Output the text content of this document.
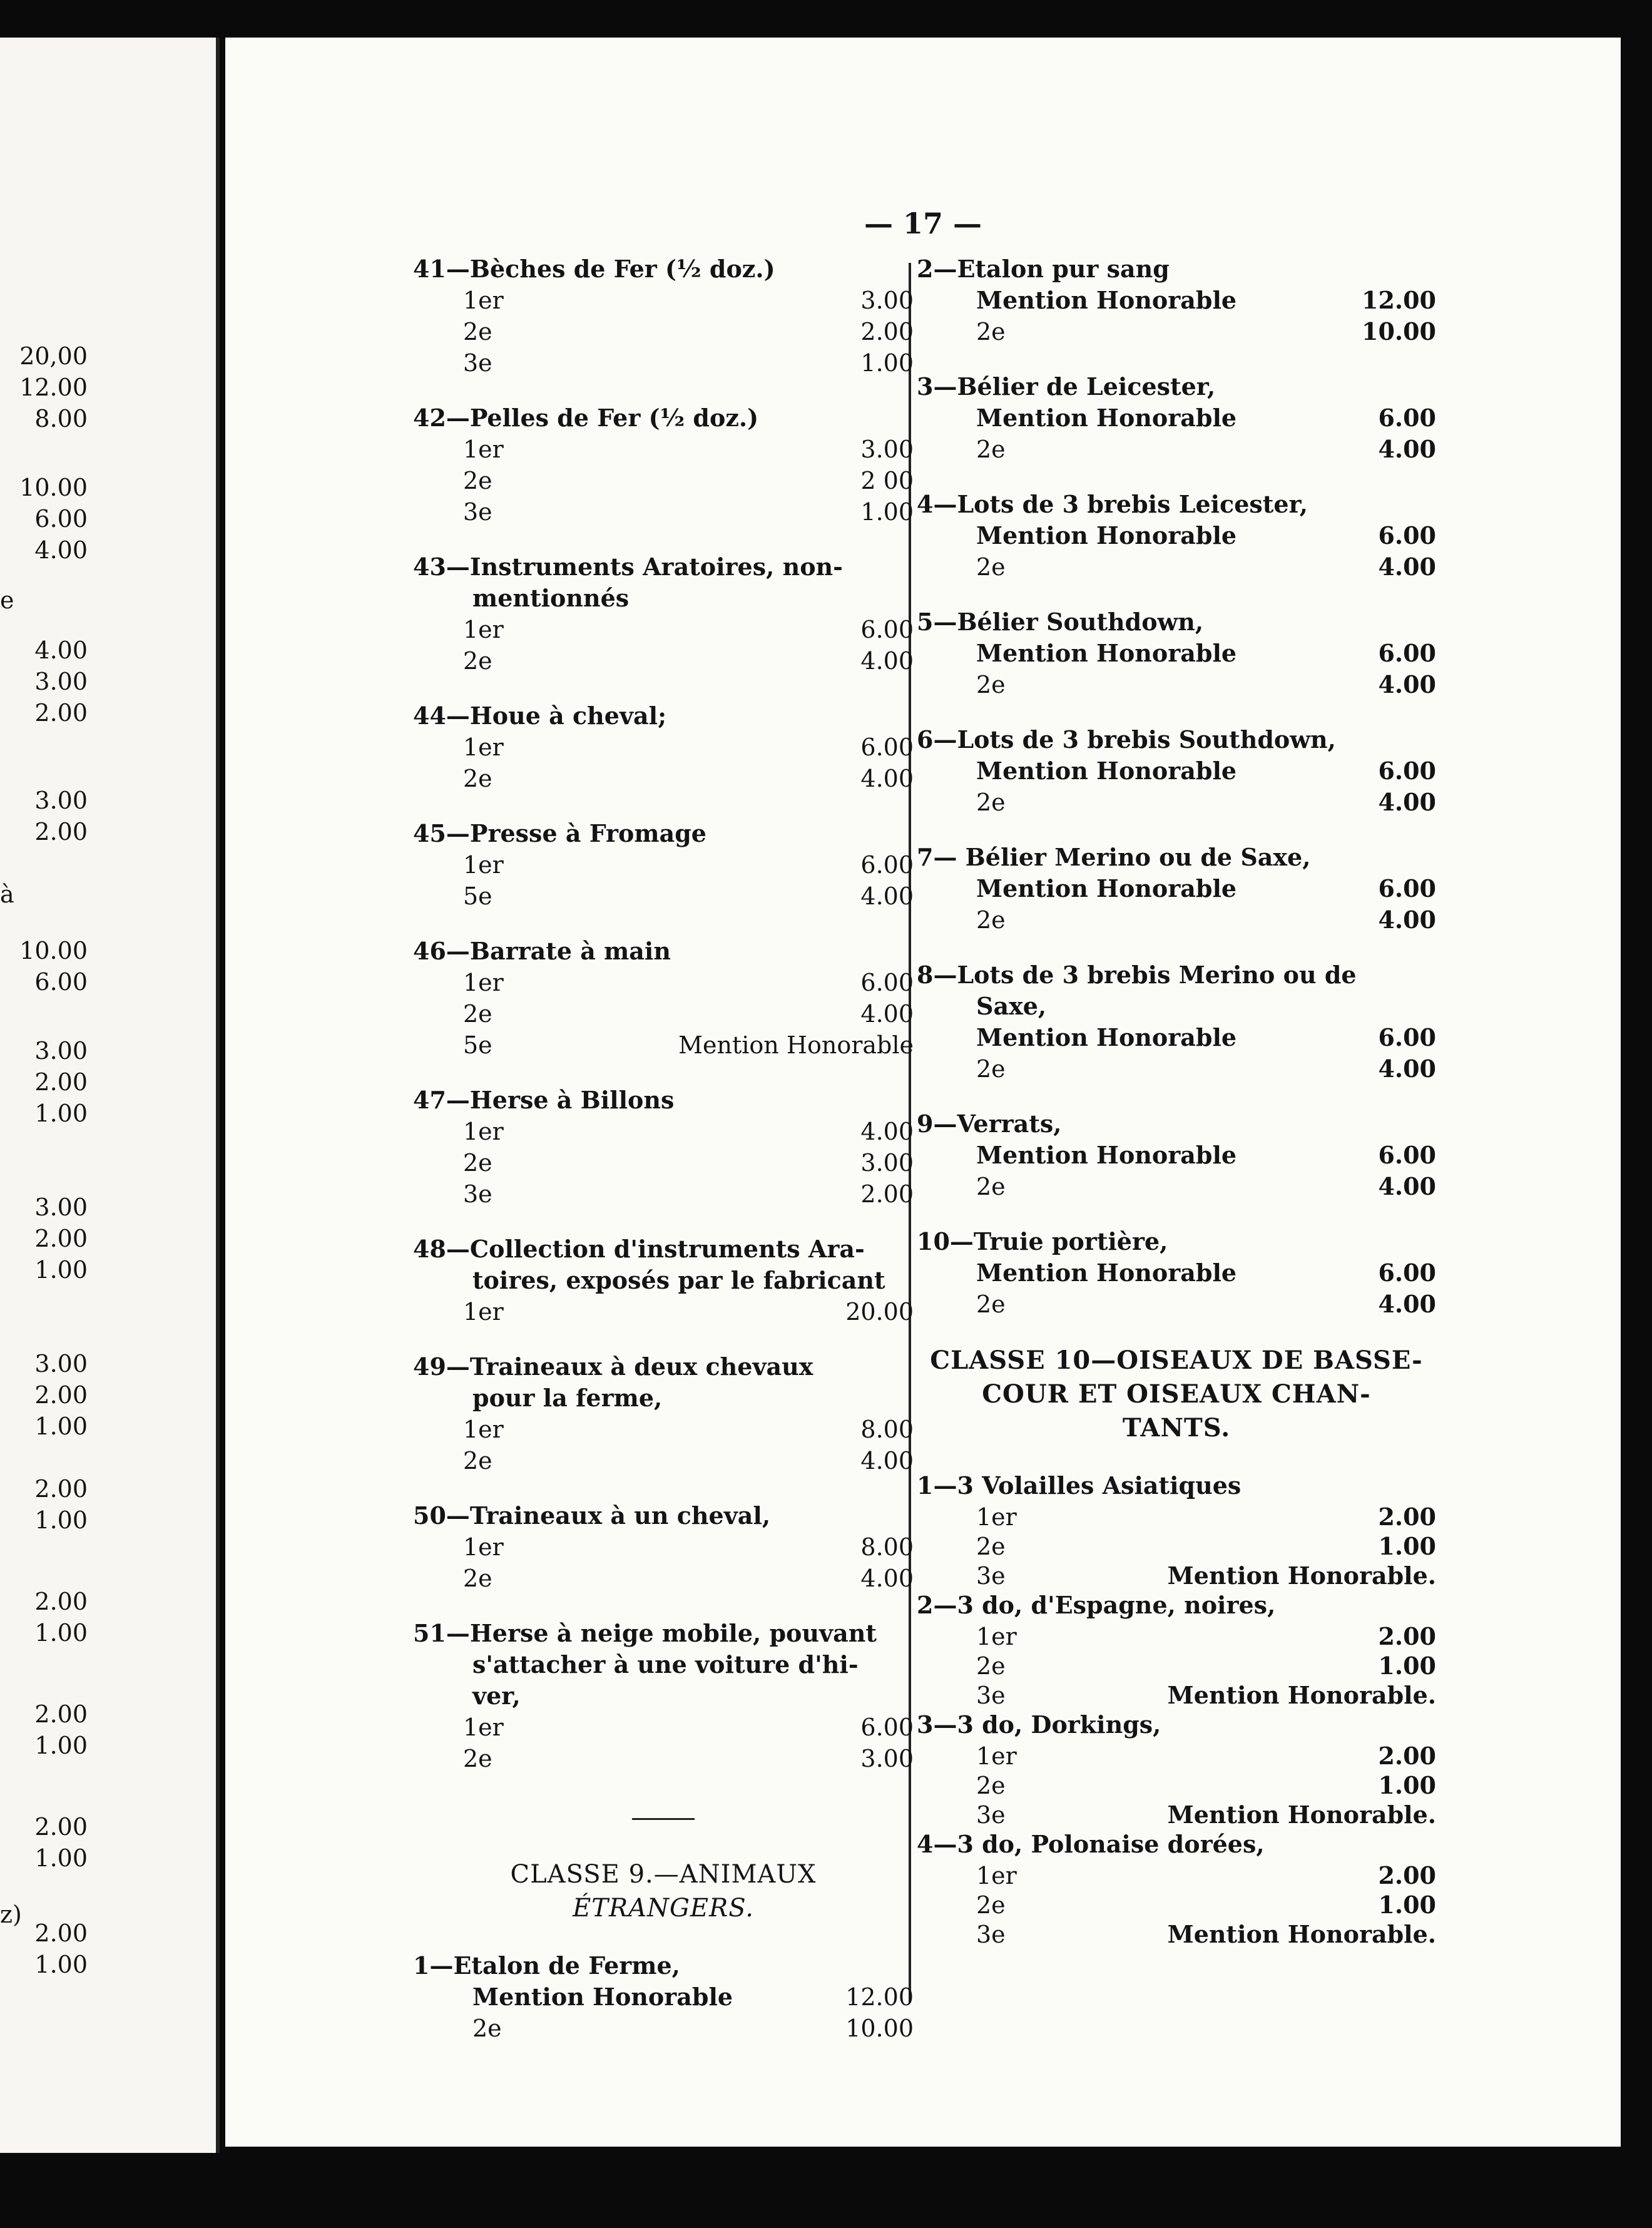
20,00
12.00
8.00
10.00
6.00
4.00
e
4.00
3.00
2.00
3.00
2.00
à
10.00
6.00
3.00
2.00
1.00
3.00
2.00
1.00
3.00
2.00
1.00
2.00
1.00
2.00
1.00
2.00
1.00
2.00
1.00
z)
2.00
1.00
— 17 —
41—Bèches de Fer (½ doz.)
1er	3.00
2e	2.00
3e	1.00
42—Pelles de Fer (½ doz.)
1er	3.00
2e	2 00
3e	1.00
43—Instruments Aratoires, non-
mentionnés
1er	6.00
2e	4.00
44—Houe à cheval;
1er	6.00
2e	4.00
45—Presse à Fromage
1er	6.00
5e	4.00
46—Barrate à main
1er	6.00
2e	4.00
5e	Mention Honorable
47—Herse à Billons
1er	4.00
2e	3.00
3e	2.00
48—Collection d'instruments Ara-
toires, exposés par le fabricant
1er	20.00
49—Traineaux à deux chevaux
pour la ferme,
1er	8.00
2e	4.00
50—Traineaux à un cheval,
1er	8.00
2e	4.00
51—Herse à neige mobile, pouvant
s'attacher à une voiture d'hi-
ver,
1er	6.00
2e	3.00
CLASSE 9.—ANIMAUX
ÉTRANGERS.
1—Etalon de Ferme,
Mention Honorable	12.00
2e	10.00
2—Etalon pur sang
Mention Honorable	12.00
2e	10.00
3—Bélier de Leicester,
Mention Honorable	6.00
2e	4.00
4—Lots de 3 brebis Leicester,
Mention Honorable	6.00
2e	4.00
5—Bélier Southdown,
Mention Honorable	6.00
2e	4.00
6—Lots de 3 brebis Southdown,
Mention Honorable	6.00
2e	4.00
7— Bélier Merino ou de Saxe,
Mention Honorable	6.00
2e	4.00
8—Lots de 3 brebis Merino ou de
Saxe,
Mention Honorable	6.00
2e	4.00
9—Verrats,
Mention Honorable	6.00
2e	4.00
10—Truie portière,
Mention Honorable	6.00
2e	4.00
CLASSE 10—OISEAUX DE BASSE-
COUR ET OISEAUX CHAN-
TANTS.
1—3 Volailles Asiatiques
1er	2.00
2e	1.00
3e	Mention Honorable.
2—3 do, d'Espagne, noires,
1er	2.00
2e	1.00
3e	Mention Honorable.
3—3 do, Dorkings,
1er	2.00
2e	1.00
3e	Mention Honorable.
4—3 do, Polonaise dorées,
1er	2.00
2e	1.00
3e	Mention Honorable.
